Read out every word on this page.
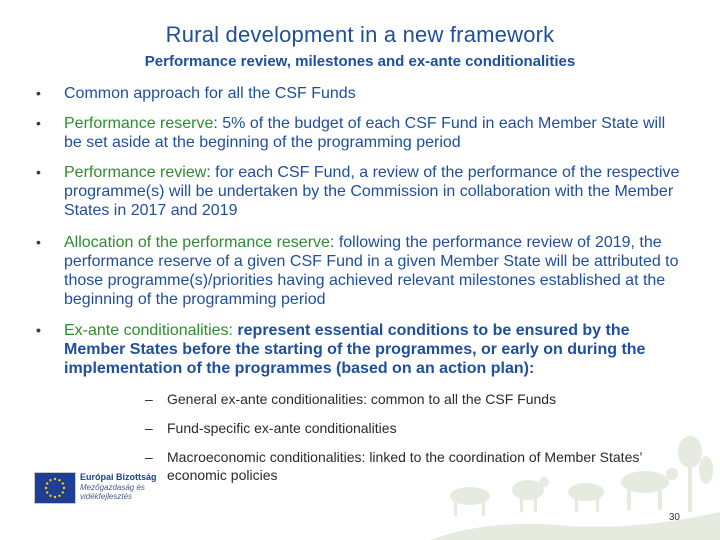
Rural development in a new framework
Performance review, milestones and ex-ante conditionalities
•	Common approach for all the CSF Funds
•	Performance reserve: 5% of the budget of each CSF Fund in each Member State will be set aside at the beginning of the programming period
•	Performance review: for each CSF Fund, a review of the performance of the respective programme(s) will be undertaken by the Commission in collaboration with the Member States in 2017 and 2019
•	Allocation of the performance reserve: following the performance review of 2019, the performance reserve of a given CSF Fund in a given Member State will be attributed to those programme(s)/priorities having achieved relevant milestones established at the beginning of the programming period
•	Ex-ante conditionalities: represent essential conditions to be ensured by the Member States before the starting of the programmes, or early on during the implementation of the programmes (based on an action plan):
–	General ex-ante conditionalities: common to all the CSF Funds
–	Fund-specific ex-ante conditionalities
–	Macroeconomic conditionalities: linked to the coordination of Member States’ economic policies
Európai Bizottság
Mezőgazdaság és
vidékfejlesztés
30
